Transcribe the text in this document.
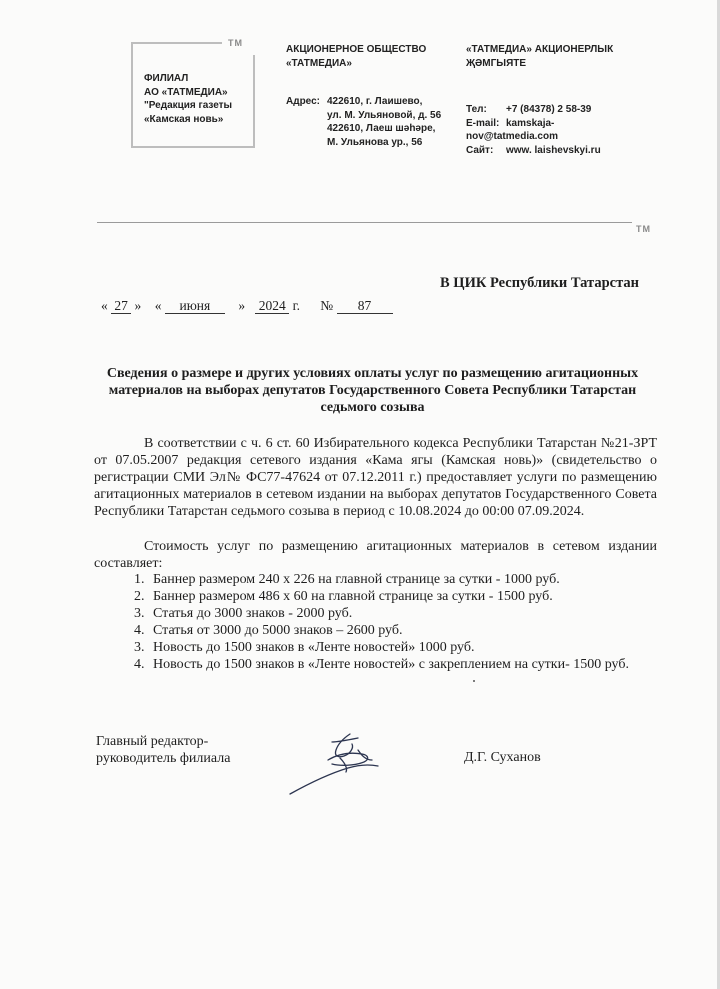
TM
ФИЛИАЛ
АО «ТАТМЕДИА»
"Редакция газеты
«Камская новь»
АКЦИОНЕРНОЕ ОБЩЕСТВО
«ТАТМЕДИА»
Адрес: 422610, г. Лаишево,
ул. М. Ульяновой, д. 56
422610, Лаеш шәһәре,
М. Ульянова ур., 56
«ТАТМЕДИА» АКЦИОНЕРЛЫК
ҖӘМГЫЯТЕ
Тел:	+7 (84378) 2 58-39
E-mail: kamskaja-
nov@tatmedia.com
Сайт:	www. laishevskyi.ru
TM
В ЦИК Республики Татарстан
« 27 » « июня » 2024 г. № 87
Сведения о размере и других условиях оплаты услуг по размещению агитационных материалов на выборах депутатов Государственного Совета Республики Татарстан седьмого созыва

В соответствии с ч. 6 ст. 60 Избирательного кодекса Республики Татарстан №21-ЗРТ от 07.05.2007 редакция сетевого издания «Кама ягы (Камская новь)» (свидетельство о регистрации СМИ Эл№ ФС77-47624 от 07.12.2011 г.) предоставляет услуги по размещению агитационных материалов в сетевом издании на выборах депутатов Государственного Совета Республики Татарстан седьмого созыва в период с 10.08.2024 до 00:00 07.09.2024.

Стоимость услуг по размещению агитационных материалов в сетевом издании составляет:

1. Баннер размером 240 х 226 на главной странице за сутки - 1000 руб.
2. Баннер размером 486 х 60 на главной странице за сутки - 1500 руб.
3. Статья до 3000 знаков - 2000 руб.
4. Статья от 3000 до 5000 знаков – 2600 руб.
3. Новость до 1500 знаков в «Ленте новостей» 1000 руб.
4. Новость до 1500 знаков в «Ленте новостей» с закреплением на сутки- 1500 руб.
Главный редактор-
руководитель филиала	Д.Г. Суханов
